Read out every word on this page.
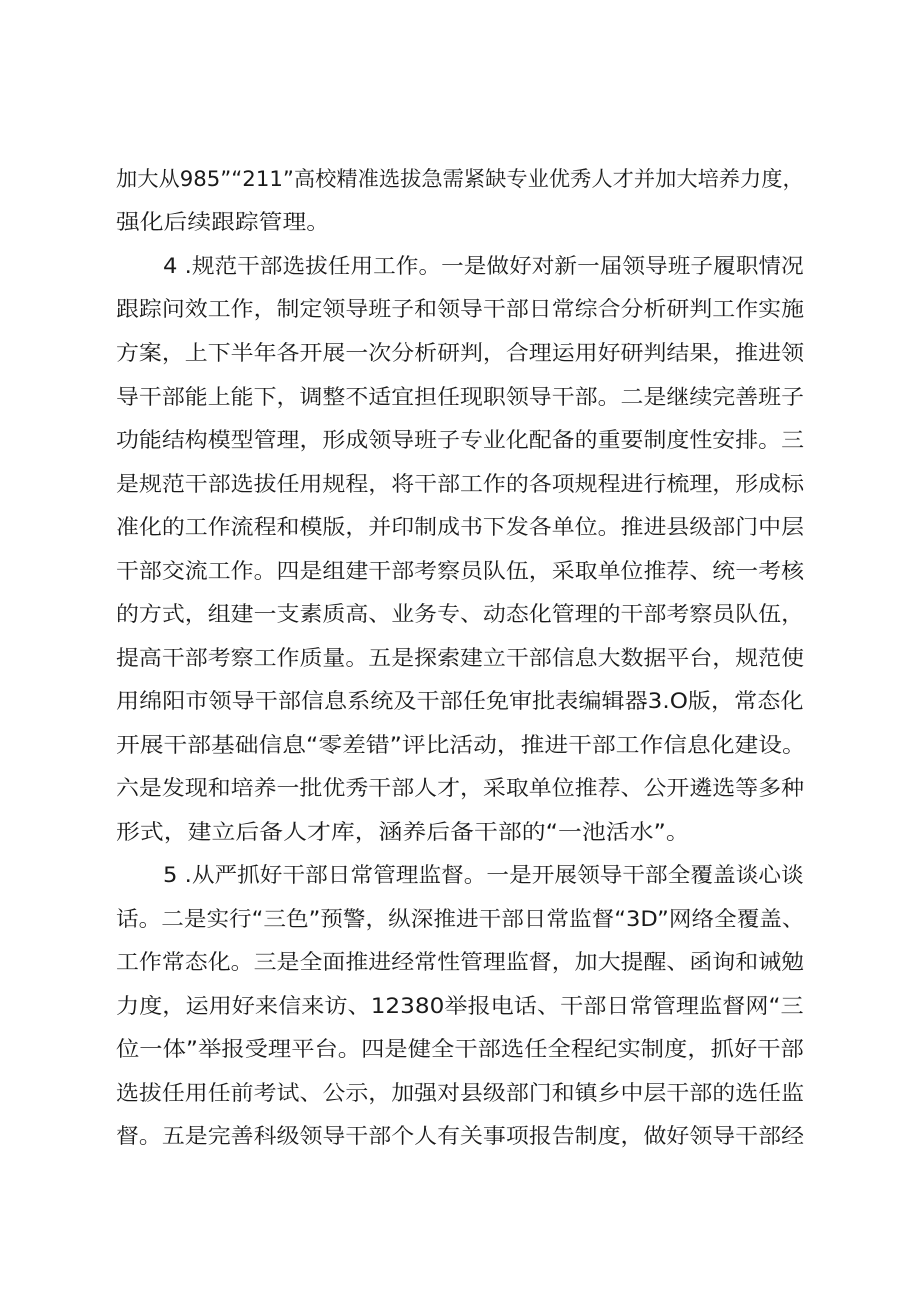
加大从985”“211”高校精准选拔急需紧缺专业优秀人才并加大培养力度，
强化后续跟踪管理。
4 .规范干部选拔任用工作。一是做好对新一届领导班子履职情况
跟踪问效工作，制定领导班子和领导干部日常综合分析研判工作实施
方案，上下半年各开展一次分析研判，合理运用好研判结果，推进领
导干部能上能下，调整不适宜担任现职领导干部。二是继续完善班子
功能结构模型管理，形成领导班子专业化配备的重要制度性安排。三
是规范干部选拔任用规程，将干部工作的各项规程进行梳理，形成标
准化的工作流程和模版，并印制成书下发各单位。推进县级部门中层
干部交流工作。四是组建干部考察员队伍，采取单位推荐、统一考核
的方式，组建一支素质高、业务专、动态化管理的干部考察员队伍，
提高干部考察工作质量。五是探索建立干部信息大数据平台，规范使
用绵阳市领导干部信息系统及干部任免审批表编辑器3.O版，常态化
开展干部基础信息“零差错”评比活动，推进干部工作信息化建设。
六是发现和培养一批优秀干部人才，采取单位推荐、公开遴选等多种
形式，建立后备人才库，涵养后备干部的“一池活水”。
5 .从严抓好干部日常管理监督。一是开展领导干部全覆盖谈心谈
话。二是实行“三色”预警，纵深推进干部日常监督“3D”网络全覆盖、
工作常态化。三是全面推进经常性管理监督，加大提醒、函询和诫勉
力度，运用好来信来访、12380举报电话、干部日常管理监督网“三
位一体”举报受理平台。四是健全干部选任全程纪实制度，抓好干部
选拔任用任前考试、公示，加强对县级部门和镇乡中层干部的选任监
督。五是完善科级领导干部个人有关事项报告制度，做好领导干部经
